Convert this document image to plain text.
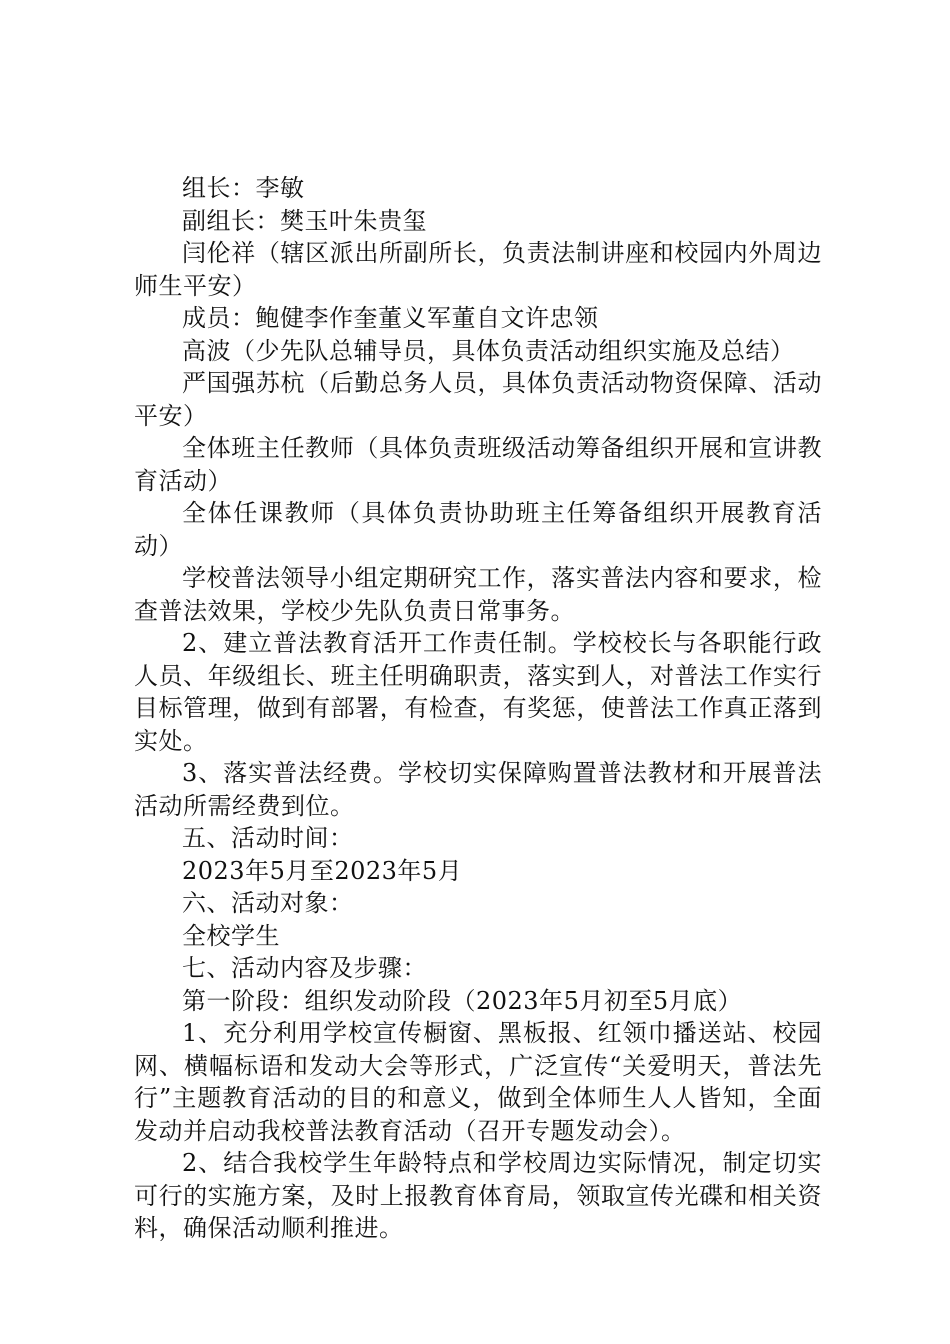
组长：李敏

副组长：樊玉叶朱贵玺

闫伦祥（辖区派出所副所长，负责法制讲座和校园内外周边师生平安）

成员：鲍健李作奎董义军董自文许忠领

高波（少先队总辅导员，具体负责活动组织实施及总结）

严国强苏杭（后勤总务人员，具体负责活动物资保障、活动平安）

全体班主任教师（具体负责班级活动筹备组织开展和宣讲教育活动）

全体任课教师（具体负责协助班主任筹备组织开展教育活动）

学校普法领导小组定期研究工作，落实普法内容和要求，检查普法效果，学校少先队负责日常事务。

2、建立普法教育活开工作责任制。学校校长与各职能行政人员、年级组长、班主任明确职责，落实到人，对普法工作实行目标管理，做到有部署，有检查，有奖惩，使普法工作真正落到实处。

3、落实普法经费。学校切实保障购置普法教材和开展普法活动所需经费到位。

五、活动时间：

2023年5月至2023年5月

六、活动对象：

全校学生

七、活动内容及步骤：

第一阶段：组织发动阶段（2023年5月初至5月底）

1、充分利用学校宣传橱窗、黑板报、红领巾播送站、校园网、横幅标语和发动大会等形式，广泛宣传“关爱明天，普法先行”主题教育活动的目的和意义，做到全体师生人人皆知，全面发动并启动我校普法教育活动（召开专题发动会）。

2、结合我校学生年龄特点和学校周边实际情况，制定切实可行的实施方案，及时上报教育体育局，领取宣传光碟和相关资料，确保活动顺利推进。
